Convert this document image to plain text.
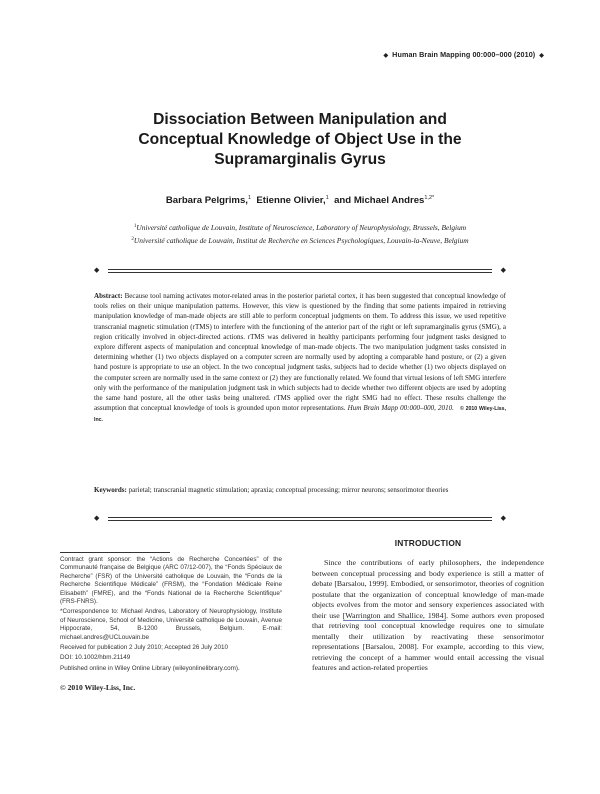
◆ Human Brain Mapping 00:000–000 (2010) ◆
Dissociation Between Manipulation and
Conceptual Knowledge of Object Use in the
Supramarginalis Gyrus
Barbara Pelgrims,$^1$ Etienne Olivier,$^1$ and Michael Andres$^{1,2*}$
$^1$Université catholique de Louvain, Institute of Neuroscience, Laboratory of Neurophysiology, Brussels, Belgium
$^2$Université catholique de Louvain, Institut de Recherche en Sciences Psychologiques, Louvain-la-Neuve, Belgium
◆	◆
Abstract: Because tool naming activates motor-related areas in the posterior parietal cortex, it has been suggested that conceptual knowledge of tools relies on their unique manipulation patterns. However, this view is questioned by the finding that some patients impaired in retrieving manipulation knowledge of man-made objects are still able to perform conceptual judgments on them. To address this issue, we used repetitive transcranial magnetic stimulation (rTMS) to interfere with the functioning of the anterior part of the right or left supramarginalis gyrus (SMG), a region critically involved in object-directed actions. rTMS was delivered in healthy participants performing four judgment tasks designed to explore different aspects of manipulation and conceptual knowledge of man-made objects. The two manipulation judgment tasks consisted in determining whether (1) two objects displayed on a computer screen are normally used by adopting a comparable hand posture, or (2) a given hand posture is appropriate to use an object. In the two conceptual judgment tasks, subjects had to decide whether (1) two objects displayed on the computer screen are normally used in the same context or (2) they are functionally related. We found that virtual lesions of left SMG interfere only with the performance of the manipulation judgment task in which subjects had to decide whether two different objects are used by adopting the same hand posture, all the other tasks being unaltered. rTMS applied over the right SMG had no effect. These results challenge the assumption that conceptual knowledge of tools is grounded upon motor representations. Hum Brain Mapp 00:000–000, 2010. © 2010 Wiley-Liss, Inc.
Keywords: parietal; transcranial magnetic stimulation; apraxia; conceptual processing; mirror neurons; sensorimotor theories
◆	◆

Contract grant sponsor: the “Actions de Recherche Concertées” of the Communauté française de Belgique (ARC 07/12-007), the “Fonds Spéciaux de Recherche” (FSR) of the Université catholique de Louvain, the “Fonds de la Recherche Scientifique Médicale” (FRSM), the “Fondation Médicale Reine Elisabeth” (FMRE), and the “Fonds National de la Recherche Scientifique” (FRS-FNRS).

*Correspondence to: Michael Andres, Laboratory of Neurophysiology, Institute of Neuroscience, School of Medicine, Université catholique de Louvain, Avenue Hippocrate, 54, B-1200 Brussels, Belgium. E-mail: michael.andres@UCLouvain.be

Received for publication 2 July 2010; Accepted 26 July 2010

DOI: 10.1002/hbm.21149

Published online in Wiley Online Library (wileyonlinelibrary.com).

© 2010 Wiley-Liss, Inc.
INTRODUCTION

Since the contributions of early philosophers, the independence between conceptual processing and body experience is still a matter of debate [Barsalou, 1999]. Embodied, or sensorimotor, theories of cognition postulate that the organization of conceptual knowledge of man-made objects evolves from the motor and sensory experiences associated with their use [Warrington and Shallice, 1984]. Some authors even proposed that retrieving tool conceptual knowledge requires one to simulate mentally their utilization by reactivating these sensorimotor representations [Barsalou, 2008]. For example, according to this view, retrieving the concept of a hammer would entail accessing the visual features and action-related properties
